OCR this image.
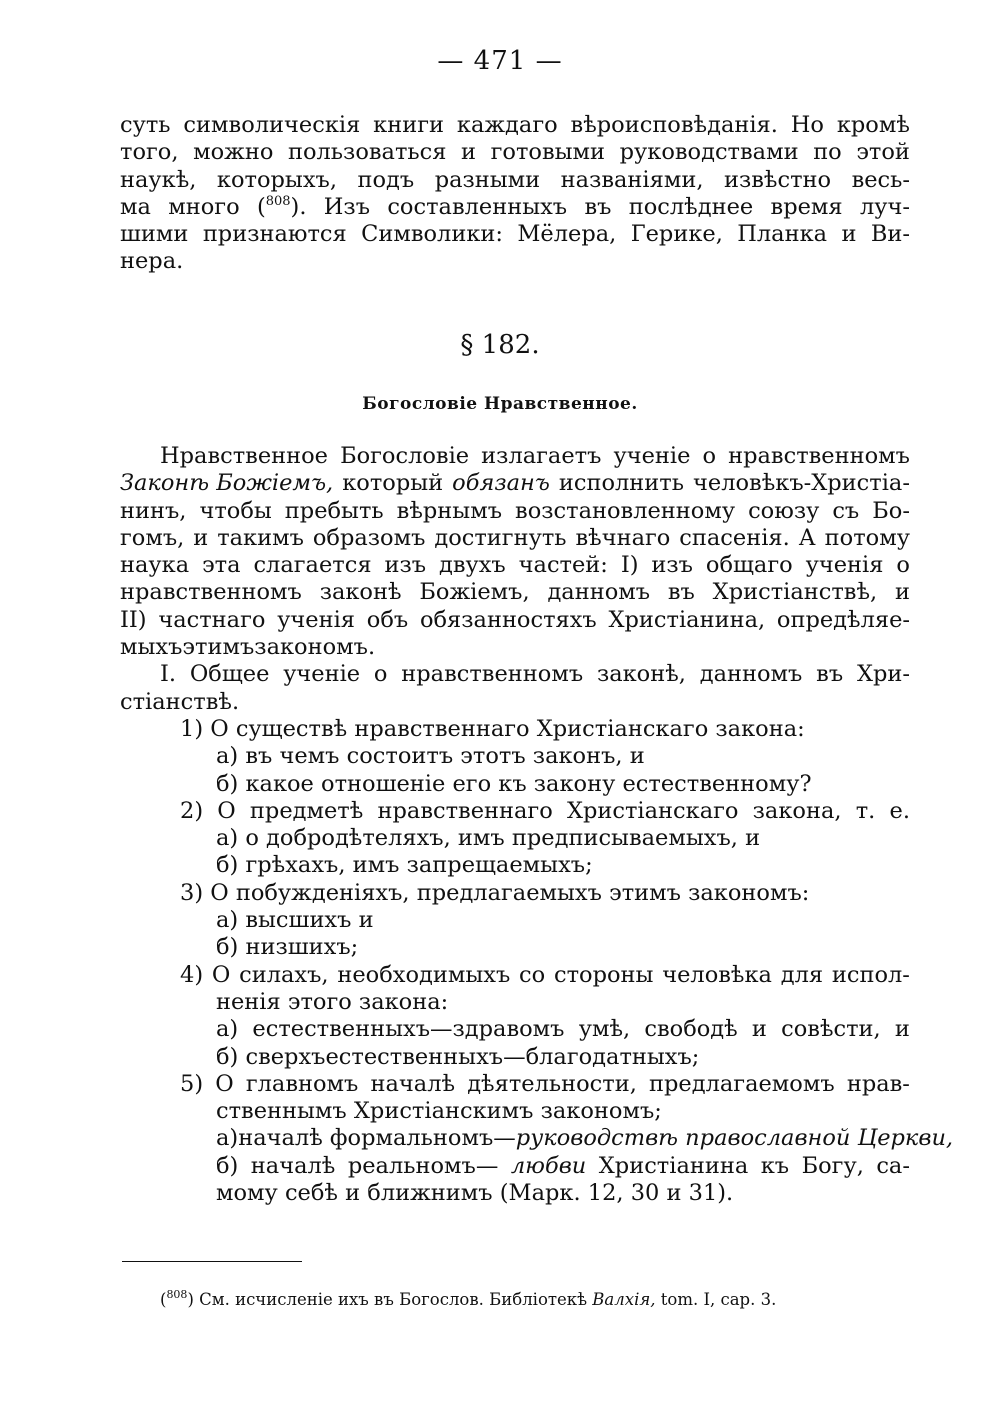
— 471 —
суть символическія книги каждаго вѣроисповѣданія. Но кромѣ
того, можно пользоваться и готовыми руководствами по этой
наукѣ, которыхъ, подъ разными названіями, извѣстно весь-
ма много ($^{808}$). Изъ составленныхъ въ послѣднее время луч-
шими признаются Символики: Мёлера, Герике, Планка и Ви-
нера.
§ 182.
Богословіе Нравственное.
Нравственное Богословіе излагаетъ ученіе о нравственномъ
Законѣ Божіемъ, который обязанъ исполнить человѣкъ-Христіа-
нинъ, чтобы пребыть вѣрнымъ возстановленному союзу съ Бо-
гомъ, и такимъ образомъ достигнуть вѣчнаго спасенія. А потому
наука эта слагается изъ двухъ частей: I) изъ общаго ученія о
нравственномъ законѣ Божіемъ, данномъ въ Христіанствѣ, и
II) частнаго ученія объ обязанностяхъ Христіанина, опредѣляе-
мыхъ этимъ закономъ.
I. Общее ученіе о нравственномъ законѣ, данномъ въ Хри-
стіанствѣ.
1) О существѣ нравственнаго Христіанскаго закона:
а) въ чемъ состоитъ этотъ законъ, и
б) какое отношеніе его къ закону естественному?
2) О предметѣ нравственнаго Христіанскаго закона, т. е.
а) о добродѣтеляхъ, имъ предписываемыхъ, и
б) грѣхахъ, имъ запрещаемыхъ;
3) О побужденіяхъ, предлагаемыхъ этимъ закономъ:
а) высшихъ и
б) низшихъ;
4) О силахъ, необходимыхъ со стороны человѣка для испол-
ненія этого закона:
а) естественныхъ—здравомъ умѣ, свободѣ и совѣсти, и
б) сверхъестественныхъ—благодатныхъ;
5) О главномъ началѣ дѣятельности, предлагаемомъ нрав-
ственнымъ Христіанскимъ закономъ;
а) началѣ формальномъ— руководствѣ православной Церкви,
б) началѣ реальномъ— любви Христіанина къ Богу, са-
мому себѣ и ближнимъ (Марк. 12, 30 и 31).
($^{808}$) См. исчисленіе ихъ въ Богослов. Библіотекѣ Валхія, tom. I, cap. 3.
